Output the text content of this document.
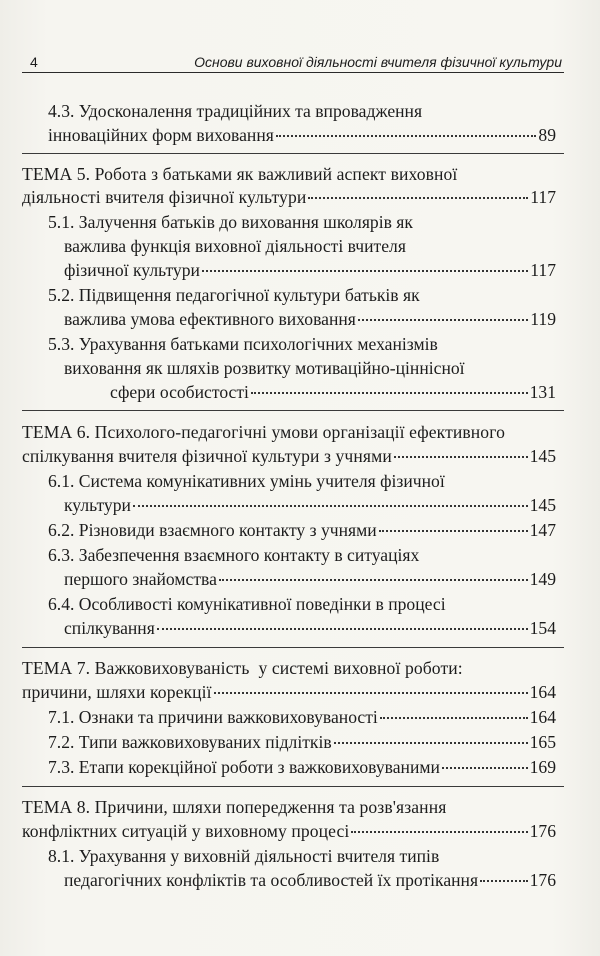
4	Основи виховної діяльності вчителя фізичної культури
4.3. Удосконалення традиційних та впровадження
інноваційних форм виховання	89
ТЕМА 5. Робота з батьками як важливий аспект виховної
діяльності вчителя фізичної культури	117
5.1. Залучення батьків до виховання школярів як
важлива функція виховної діяльності вчителя
фізичної культури	117
5.2. Підвищення педагогічної культури батьків як
важлива умова ефективного виховання	119
5.3. Урахування батьками психологічних механізмів
виховання як шляхів розвитку мотиваційно-ціннісної
сфери особистості	131
ТЕМА 6. Психолого-педагогічні умови організації ефективного
спілкування вчителя фізичної культури з учнями	145
6.1. Система комунікативних умінь учителя фізичної
культури	145
6.2. Різновиди взаємного контакту з учнями	147
6.3. Забезпечення взаємного контакту в ситуаціях
першого знайомства	149
6.4. Особливості комунікативної поведінки в процесі
спілкування	154
ТЕМА 7. Важковиховуваність  у системі виховної роботи:
причини, шляхи корекції	164
7.1. Ознаки та причини важковиховуваності	164
7.2. Типи важковиховуваних підлітків	165
7.3. Етапи корекційної роботи з важковиховуваними	169
ТЕМА 8. Причини, шляхи попередження та розв'язання
конфліктних ситуацій у виховному процесі	176
8.1. Урахування у виховній діяльності вчителя типів
педагогічних конфліктів та особливостей їх протікання	176
